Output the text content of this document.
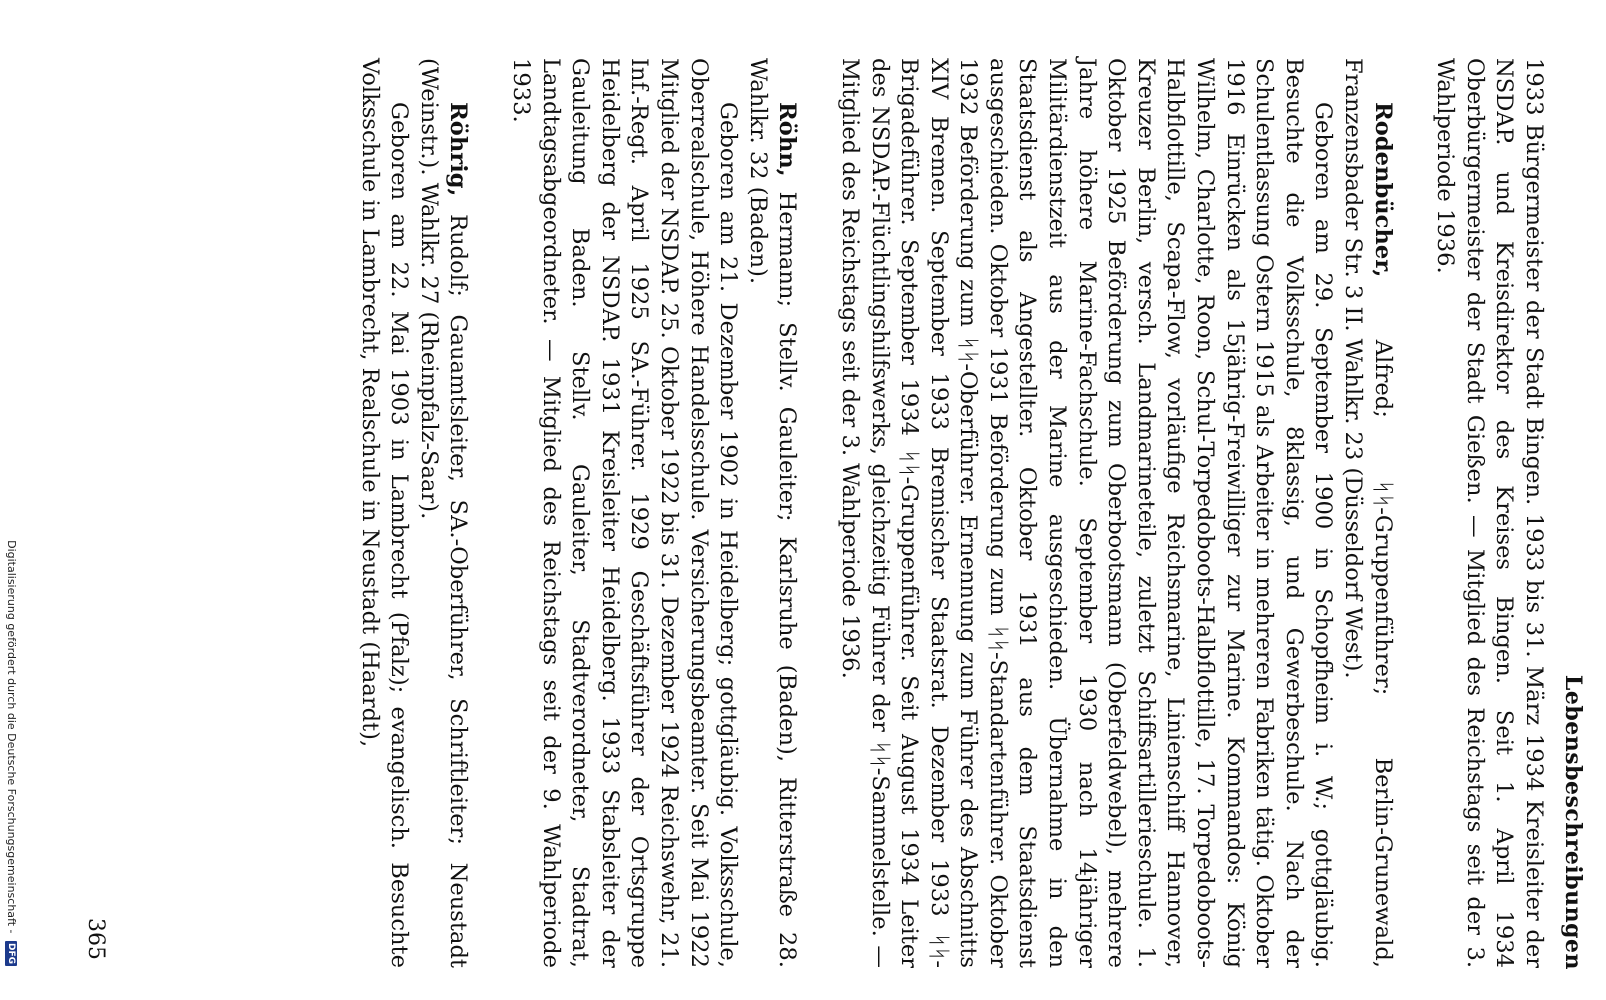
Lebensbeschreibungen

1933 Bürgermeister der Stadt Bingen. 1933 bis 31. März 1934 Kreisleiter der NSDAP. und Kreisdirektor des Kreises Bingen. Seit 1. April 1934 Oberbürgermeister der Stadt Gießen. — Mitglied des Reichstags seit der 3. Wahlperiode 1936.

Rodenbücher, Alfred; ᛋᛋ-Gruppenführer; Berlin-Grunewald, Franzensbader Str. 3 II. Wahlkr. 23 (Düsseldorf West).

Geboren am 29. September 1900 in Schopfheim i. W.; gottgläubig. Besuchte die Volksschule, 8klassig, und Gewerbeschule. Nach der Schulentlassung Ostern 1915 als Arbeiter in mehreren Fabriken tätig. Oktober 1916 Einrücken als 15jährig-Freiwilliger zur Marine. Kommandos: König Wilhelm, Charlotte, Roon, Schul-Torpedoboots-Halbflottille, 17. Torpedoboots-Halbflottille, Scapa-Flow, vorläufige Reichsmarine, Linienschiff Hannover, Kreuzer Berlin, versch. Landmarineteile, zuletzt Schiffsartillerieschule. 1. Oktober 1925 Beförderung zum Oberbootsmann (Oberfeldwebel), mehrere Jahre höhere Marine-Fachschule. September 1930 nach 14jähriger Militärdienstzeit aus der Marine ausgeschieden. Übernahme in den Staatsdienst als Angestellter. Oktober 1931 aus dem Staatsdienst ausgeschieden. Oktober 1931 Beförderung zum ᛋᛋ-Standartenführer. Oktober 1932 Beförderung zum ᛋᛋ-Oberführer. Ernennung zum Führer des Abschnitts XIV Bremen. September 1933 Bremischer Staatsrat. Dezember 1933 ᛋᛋ-Brigadeführer. September 1934 ᛋᛋ-Gruppenführer. Seit August 1934 Leiter des NSDAP.-Flüchtlingshilfswerks, gleichzeitig Führer der ᛋᛋ-Sammelstelle. — Mitglied des Reichstags seit der 3. Wahlperiode 1936.

Röhn, Hermann; Stellv. Gauleiter; Karlsruhe (Baden), Ritterstraße 28. Wahlkr. 32 (Baden).

Geboren am 21. Dezember 1902 in Heidelberg; gottgläubig. Volksschule, Oberrealschule, Höhere Handelsschule. Versicherungsbeamter. Seit Mai 1922 Mitglied der NSDAP. 25. Oktober 1922 bis 31. Dezember 1924 Reichswehr, 21. Inf.-Regt. April 1925 SA.-Führer. 1929 Geschäftsführer der Ortsgruppe Heidelberg der NSDAP. 1931 Kreisleiter Heidelberg. 1933 Stabsleiter der Gauleitung Baden. Stellv. Gauleiter, Stadtverordneter, Stadtrat, Landtagsabgeordneter. — Mitglied des Reichstags seit der 9. Wahlperiode 1933.

Röhrig, Rudolf; Gauamtsleiter, SA.-Oberführer, Schriftleiter; Neustadt (Weinstr.). Wahlkr. 27 (Rheinpfalz-Saar).

Geboren am 22. Mai 1903 in Lambrecht (Pfalz); evangelisch. Besuchte Volksschule in Lambrecht, Realschule in Neustadt (Haardt),

365
Digitalisierung gefördert durch die Deutsche Forschungsgemeinschaft - DFG
